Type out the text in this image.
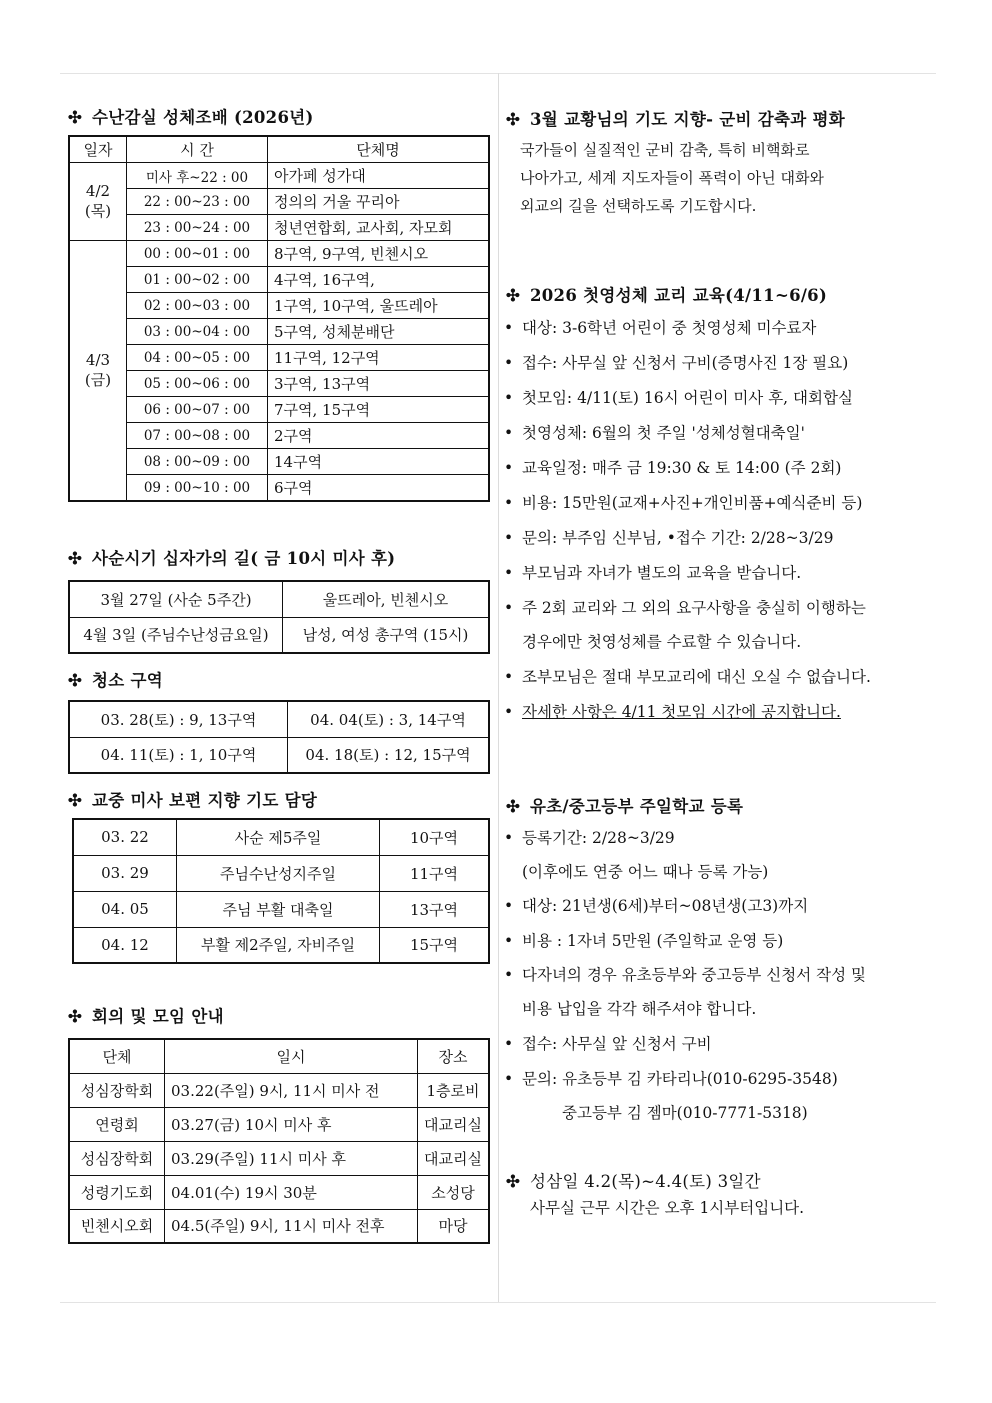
✣ 수난감실 성체조배 (2026년)
일자	시 간	단체명

4/2
(목)	미사 후~22 : 00	아가페 성가대
	22 : 00~23 : 00	정의의 거울 꾸리아
	23 : 00~24 : 00	청년연합회, 교사회, 자모회

4/3
(금)	00 : 00~01 : 00	8구역, 9구역, 빈첸시오
	01 : 00~02 : 00	4구역, 16구역,
	02 : 00~03 : 00	1구역, 10구역, 울뜨레아
	03 : 00~04 : 00	5구역, 성체분배단
	04 : 00~05 : 00	11구역, 12구역
	05 : 00~06 : 00	3구역, 13구역
	06 : 00~07 : 00	7구역, 15구역
	07 : 00~08 : 00	2구역
	08 : 00~09 : 00	14구역
	09 : 00~10 : 00	6구역
✣ 사순시기 십자가의 길( 금 10시 미사 후)
3월 27일 (사순 5주간)	울뜨레아, 빈첸시오
4월 3일 (주님수난성금요일)	남성, 여성 총구역 (15시)
✣ 청소 구역
03. 28(토) : 9, 13구역	04. 04(토) : 3, 14구역
04. 11(토) : 1, 10구역	04. 18(토) : 12, 15구역
✣ 교중 미사 보편 지향 기도 담당
03. 22	사순 제5주일	10구역
03. 29	주님수난성지주일	11구역
04. 05	주님 부활 대축일	13구역
04. 12	부활 제2주일, 자비주일	15구역
✣ 회의 및 모임 안내
단체	일시	장소
성심장학회	03.22(주일) 9시, 11시 미사 전	1층로비
연령회	03.27(금) 10시 미사 후	대교리실
성심장학회	03.29(주일) 11시 미사 후	대교리실
성령기도회	04.01(수) 19시 30분	소성당
빈첸시오회	04.5(주일) 9시, 11시 미사 전후	마당
✣ 3월 교황님의 기도 지향- 군비 감축과 평화
국가들이 실질적인 군비 감축, 특히 비핵화로
나아가고, 세계 지도자들이 폭력이 아닌 대화와
외교의 길을 선택하도록 기도합시다.
✣ 2026 첫영성체 교리 교육(4/11~6/6)
• 대상: 3-6학년 어린이 중 첫영성체 미수료자
• 접수: 사무실 앞 신청서 구비(증명사진 1장 필요)
• 첫모임: 4/11(토) 16시 어린이 미사 후, 대회합실
• 첫영성체: 6월의 첫 주일 '성체성혈대축일'
• 교육일정: 매주 금 19:30 & 토 14:00 (주 2회)
• 비용: 15만원(교재+사진+개인비품+예식준비 등)
• 문의: 부주임 신부님, •접수 기간: 2/28~3/29
• 부모님과 자녀가 별도의 교육을 받습니다.
• 주 2회 교리와 그 외의 요구사항을 충실히 이행하는
경우에만 첫영성체를 수료할 수 있습니다.
• 조부모님은 절대 부모교리에 대신 오실 수 없습니다.
• 자세한 사항은 4/11 첫모임 시간에 공지합니다.
✣ 유초/중고등부 주일학교 등록
• 등록기간: 2/28~3/29
(이후에도 연중 어느 때나 등록 가능)
• 대상: 21년생(6세)부터~08년생(고3)까지
• 비용 : 1자녀 5만원 (주일학교 운영 등)
• 다자녀의 경우 유초등부와 중고등부 신청서 작성 및
비용 납입을 각각 해주셔야 합니다.
• 접수: 사무실 앞 신청서 구비
• 문의: 유초등부 김 카타리나(010-6295-3548)
중고등부 김 젬마(010-7771-5318)
✣ 성삼일 4.2(목)~4.4(토) 3일간
사무실 근무 시간은 오후 1시부터입니다.
